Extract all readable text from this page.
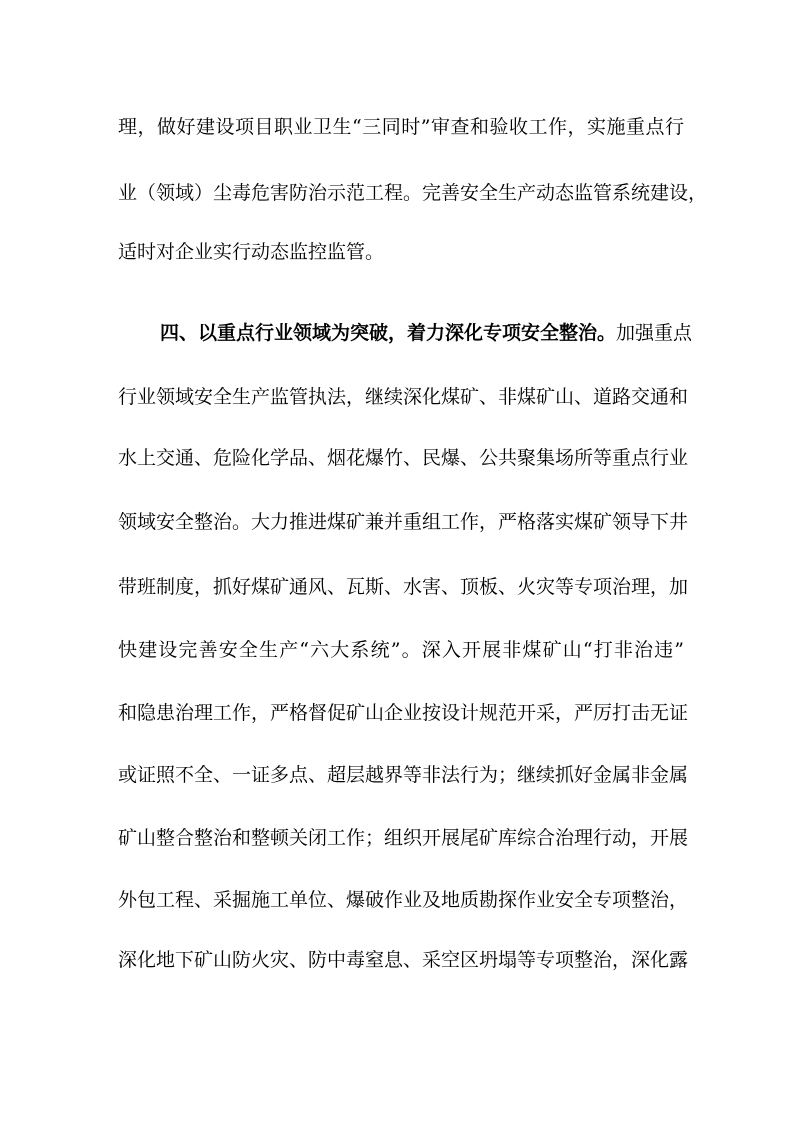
理，做好建设项目职业卫生“三同时”审查和验收工作，实施重点行
业（领域）尘毒危害防治示范工程。完善安全生产动态监管系统建设，
适时对企业实行动态监控监管。
四、以重点行业领域为突破，着力深化专项安全整治。加强重点
行业领域安全生产监管执法，继续深化煤矿、非煤矿山、道路交通和
水上交通、危险化学品、烟花爆竹、民爆、公共聚集场所等重点行业
领域安全整治。大力推进煤矿兼并重组工作，严格落实煤矿领导下井
带班制度，抓好煤矿通风、瓦斯、水害、顶板、火灾等专项治理，加
快建设完善安全生产“六大系统”。深入开展非煤矿山“打非治违”
和隐患治理工作，严格督促矿山企业按设计规范开采，严厉打击无证
或证照不全、一证多点、超层越界等非法行为；继续抓好金属非金属
矿山整合整治和整顿关闭工作；组织开展尾矿库综合治理行动，开展
外包工程、采掘施工单位、爆破作业及地质勘探作业安全专项整治，
深化地下矿山防火灾、防中毒窒息、采空区坍塌等专项整治，深化露
